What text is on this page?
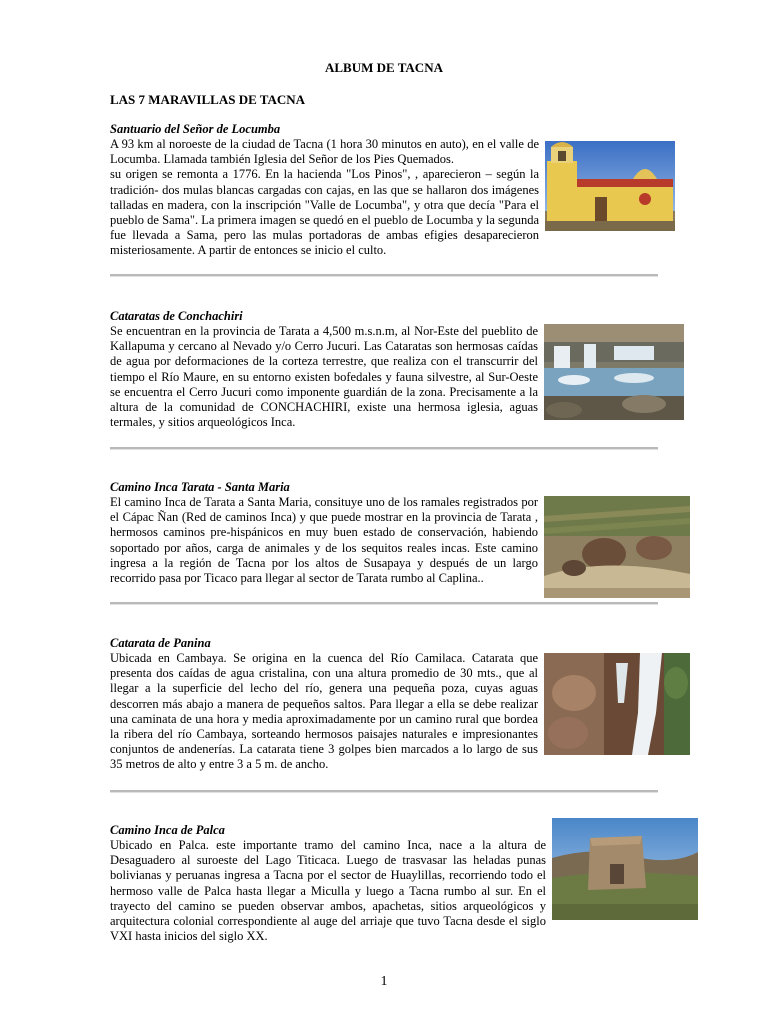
ALBUM DE TACNA
LAS 7 MARAVILLAS DE TACNA
Santuario del Señor de Locumba

A 93 km al noroeste de la ciudad de Tacna (1 hora 30 minutos en auto), en el valle de Locumba. Llamada también Iglesia del Señor de los Pies Quemados.

su origen se remonta a 1776. En la hacienda "Los Pinos", , aparecieron – según la tradición- dos mulas blancas cargadas con cajas, en las que se hallaron dos imágenes talladas en madera, con la inscripción "Valle de Locumba", y otra que decía "Para el pueblo de Sama". La primera imagen se quedó en el pueblo de Locumba y la segunda fue llevada a Sama, pero las mulas portadoras de ambas efigies desaparecieron misteriosamente. A partir de entonces se inicio el culto.

Cataratas de Conchachiri

Se encuentran en la provincia de Tarata a 4,500 m.s.n.m, al Nor-Este del pueblito de Kallapuma y cercano al Nevado y/o Cerro Jucuri. Las Cataratas son hermosas caídas de agua por deformaciones de la corteza terrestre, que realiza con el transcurrir del tiempo el Río Maure, en su entorno existen bofedales y fauna silvestre, al Sur-Oeste se encuentra el Cerro Jucuri como imponente guardián de la zona. Precisamente a la altura de la comunidad de CONCHACHIRI, existe una hermosa iglesia, aguas termales, y sitios arqueológicos Inca.

Camino Inca Tarata - Santa Maria

El camino Inca de Tarata a Santa Maria, consituye uno de los ramales registrados por el Cápac Ñan (Red de caminos Inca) y que puede mostrar en la provincia de Tarata , hermosos caminos pre-hispánicos en muy buen estado de conservación, habiendo soportado por años, carga de animales y de los sequitos reales incas. Este camino ingresa a la región de Tacna por los altos de Susapaya y después de un largo recorrido pasa por Ticaco para llegar al sector de Tarata rumbo al Caplina..

Catarata de Panina

Ubicada en Cambaya. Se origina en la cuenca del Río Camilaca. Catarata que presenta dos caídas de agua cristalina, con una altura promedio de 30 mts., que al llegar a la superficie del lecho del río, genera una pequeña poza, cuyas aguas descorren más abajo a manera de pequeños saltos. Para llegar a ella se debe realizar una caminata de una hora y media aproximadamente por un camino rural que bordea la ribera del río Cambaya, sorteando hermosos paisajes naturales e impresionantes conjuntos de andenerías. La catarata tiene 3 golpes bien marcados a lo largo de sus 35 metros de alto y entre 3 a 5 m. de ancho.

Camino Inca de Palca

Ubicado en Palca. este importante tramo del camino Inca, nace a la altura de Desaguadero al suroeste del Lago Titicaca. Luego de trasvasar las heladas punas bolivianas y peruanas ingresa a Tacna por el sector de Huaylillas, recorriendo todo el hermoso valle de Palca hasta llegar a Miculla y luego a Tacna rumbo al sur. En el trayecto del camino se pueden observar ambos, apachetas, sitios arqueológicos y arquitectura colonial correspondiente al auge del arriaje que tuvo Tacna desde el siglo VXI hasta inicios del siglo XX.

1
